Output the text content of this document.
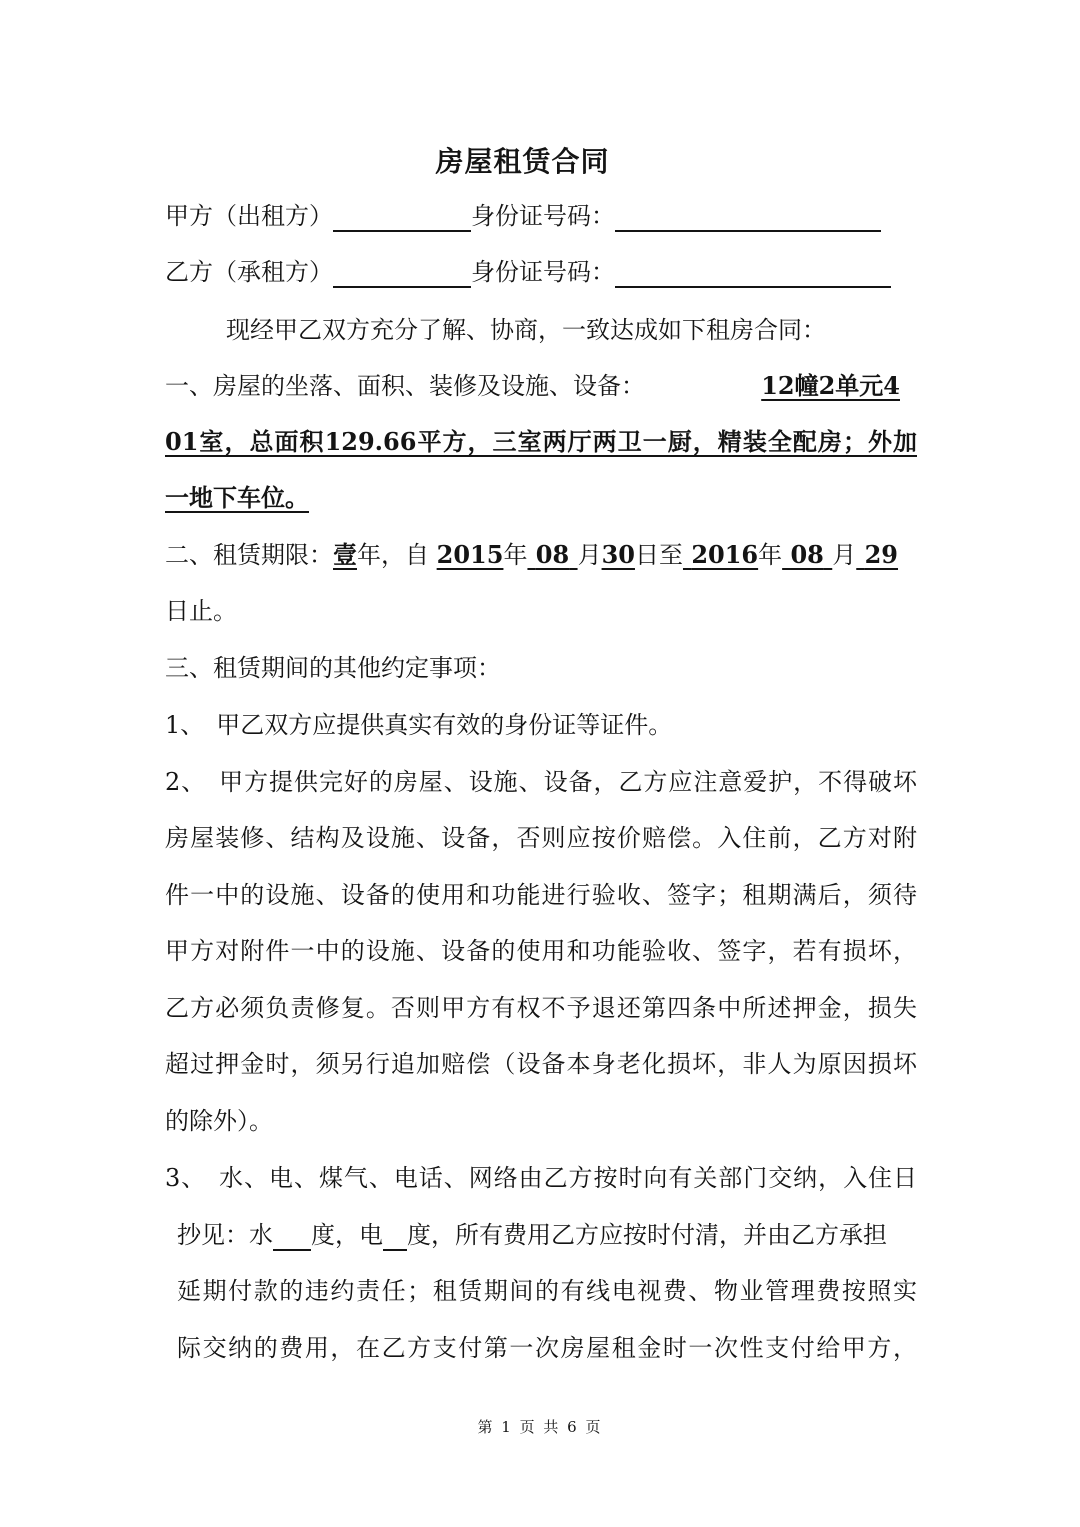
房屋租赁合同
甲方（出租方）	身份证号码：
乙方（承租方）	身份证号码：
现经甲乙双方充分了解、协商，一致达成如下租房合同：
一、房屋的坐落、面积、装修及设施、设备：	12幢2单元4
01室，总面积129.66平方，三室两厅两卫一厨，精装全配房；外加
一地下车位。
二、租赁期限：壹年，自 2015年 08 月30日至 2016年 08 月 29
日止。
三、租赁期间的其他约定事项：
1、　甲乙双方应提供真实有效的身份证等证件。
2、　甲方提供完好的房屋、设施、设备，乙方应注意爱护，不得破坏
房屋装修、结构及设施、设备，否则应按价赔偿。入住前，乙方对附
件一中的设施、设备的使用和功能进行验收、签字；租期满后，须待
甲方对附件一中的设施、设备的使用和功能验收、签字，若有损坏，
乙方必须负责修复。否则甲方有权不予退还第四条中所述押金，损失
超过押金时，须另行追加赔偿（设备本身老化损坏，非人为原因损坏
的除外）。
3、　水、电、煤气、电话、网络由乙方按时向有关部门交纳，入住日
抄见：水 度，电 度，所有费用乙方应按时付清，并由乙方承担
延期付款的违约责任；租赁期间的有线电视费、物业管理费按照实
际交纳的费用，在乙方支付第一次房屋租金时一次性支付给甲方，
第 1 页 共 6 页
